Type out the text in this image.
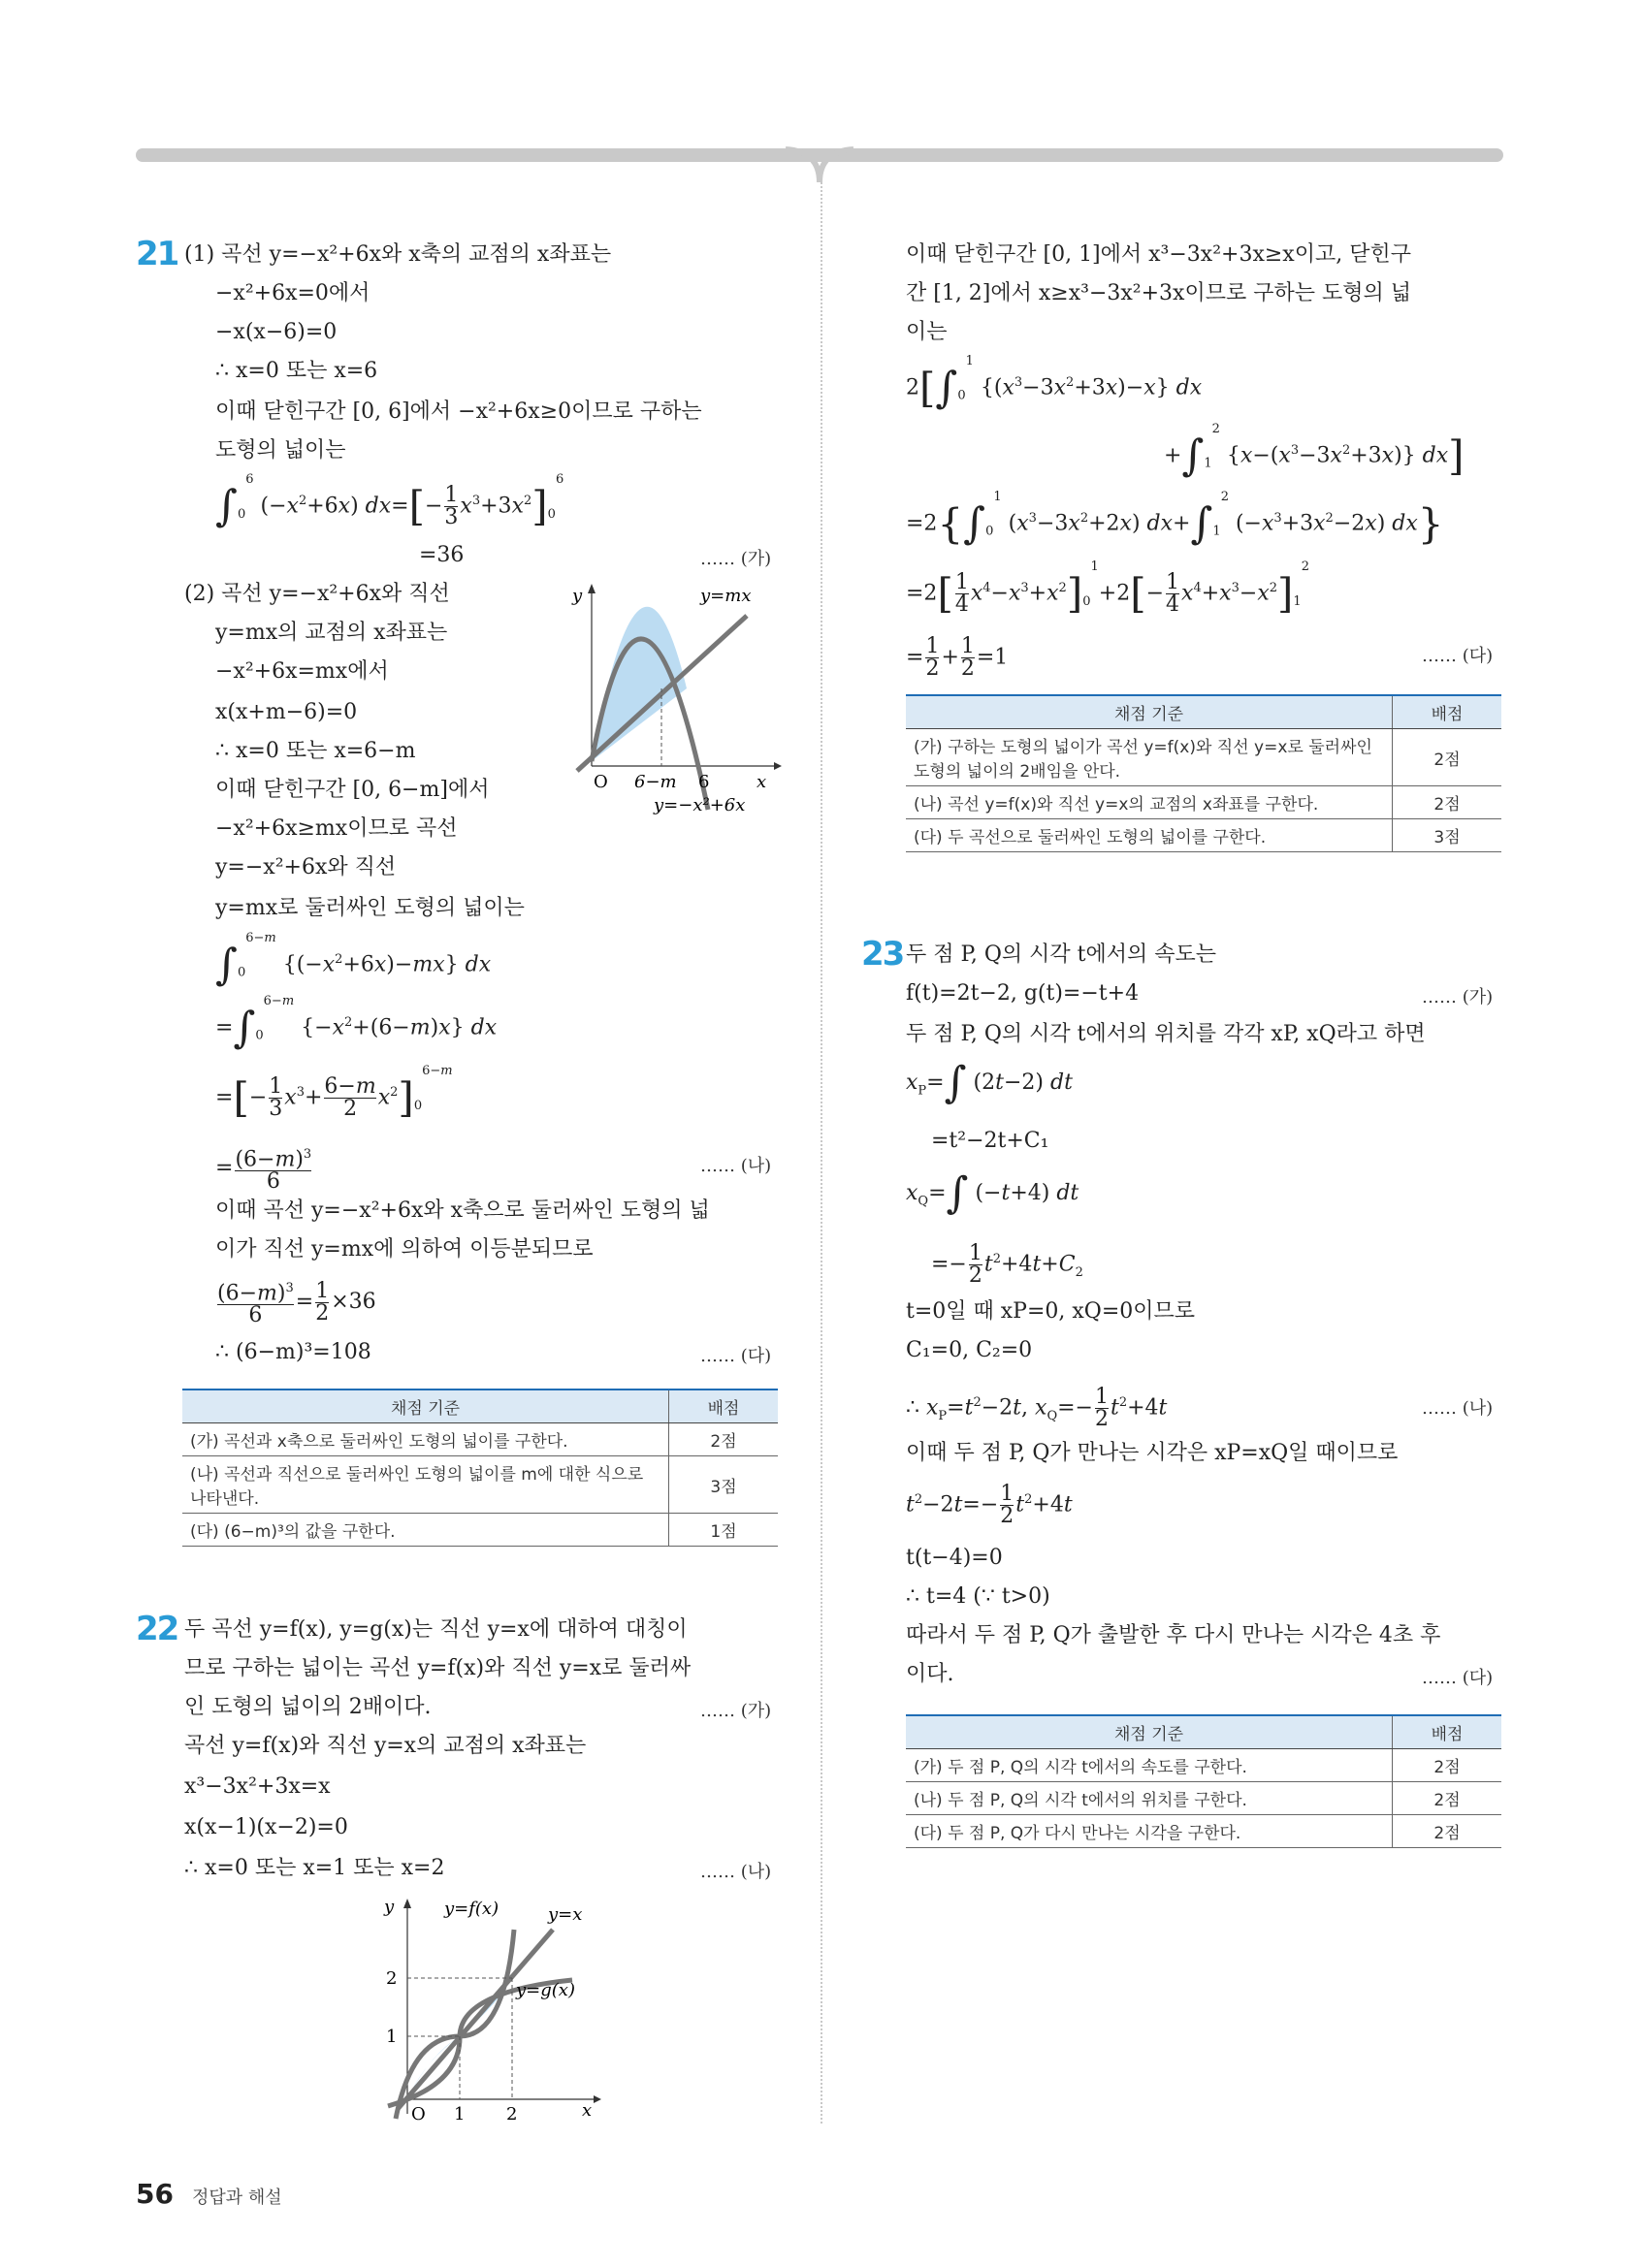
21 (1) 곡선 y=−x²+6x와 x축의 교점의 x좌표는
−x²+6x=0에서
−x(x−6)=0
∴ x=0 또는 x=6
이때 닫힌구간 [0, 6]에서 −x²+6x≥0이므로 구하는
도형의 넓이는
$\int_0^6$ $(-x^2+6x)$ $dx=[- \frac{1}{3} x^3+3x^2]_0^6$
=36	…… (가)
(2) 곡선 y=−x²+6x와 직선
y=mx의 교점의 x좌표는
−x²+6x=mx에서
x(x+m−6)=0
∴ x=0 또는 x=6−m
이때 닫힌구간 [0, 6−m]에서
−x²+6x≥mx이므로 곡선
y=−x²+6x와 직선
y=mx로 둘러싸인 도형의 넓이는
y
x
O 6−m 6
y=mx
y=−x²+6x
$\int_0^{6-m}$ $\{(-x^2+6x)-mx\}$ dx
$=\int_0^{6-m}$ $\{-x^2+(6-m)x\}$ dx
=[− $\frac{1}{3} x^3+ \frac{6-m}{2} x^2]_0^{6-m}$
= $\frac{(6-m)^3}{6}$	…… (나)
이때 곡선 y=−x²+6x와 x축으로 둘러싸인 도형의 넓
이가 직선 y=mx에 의하여 이등분되므로
$\frac{(6-m)^3}{6} = \frac{1}{2} \times 36$
∴ (6−m)³=108	…… (다)
채점 기준	배점
(가) 곡선과 x축으로 둘러싸인 도형의 넓이를 구한다.	2점
(나) 곡선과 직선으로 둘러싸인 도형의 넓이를 m에 대한 식으로 나타낸다.	3점
(다) (6−m)³의 값을 구한다.	1점
22 두 곡선 y=f(x), y=g(x)는 직선 y=x에 대하여 대칭이
므로 구하는 넓이는 곡선 y=f(x)와 직선 y=x로 둘러싸
인 도형의 넓이의 2배이다.	…… (가)
곡선 y=f(x)와 직선 y=x의 교점의 x좌표는
x³−3x²+3x=x
x(x−1)(x−2)=0
∴ x=0 또는 x=1 또는 x=2	…… (나)
y
x
O 1 2
1
2
y=f(x)	y=x
y=g(x)
이때 닫힌구간 [0, 1]에서 x³−3x²+3x≥x이고, 닫힌구
간 [1, 2]에서 x≥x³−3x²+3x이므로 구하는 도형의 넓
이는
$2[\int_0^1$ $\{(x^3-3x^2+3x)-x\}$ dx
$+\int_1^2$ $\{x-(x^3-3x^2+3x)\}$ dx]
$=2\{\int_0^1$ $(x^3-3x^2+2x)$ $dx+\int_1^2$ $(-x^3+3x^2-2x)$ dx}
$=2[ \frac{1}{4} x^4-x^3+x^2]_0^1+2[- \frac{1}{4} x^4+x^3-x^2]_1^2$
= $\frac{1}{2} + \frac{1}{2} =1$	…… (다)
채점 기준	배점
(가) 구하는 도형의 넓이가 곡선 y=f(x)와 직선 y=x로 둘러싸인 도형의 넓이의 2배임을 안다.	2점
(나) 곡선 y=f(x)와 직선 y=x의 교점의 x좌표를 구한다.	2점
(다) 두 곡선으로 둘러싸인 도형의 넓이를 구한다.	3점
23 두 점 P, Q의 시각 t에서의 속도는
f(t)=2t−2, g(t)=−t+4	…… (가)
두 점 P, Q의 시각 t에서의 위치를 각각 xP, xQ라고 하면
$x_P=\int$ (2t−2) dt
=t²−2t+C₁
$x_Q=\int$ (−t+4) dt
=− $\frac{1}{2} t^2+4t+C_2$
t=0일 때 xP=0, xQ=0이므로
C₁=0, C₂=0
∴ $x_P=t^2-2t$, $x_Q=- \frac{1}{2} t^2+4t$	…… (나)
이때 두 점 P, Q가 만나는 시각은 xP=xQ일 때이므로
$t^2-2t=- \frac{1}{2} t^2+4t$
t(t−4)=0
∴ t=4 (∵ t>0)
따라서 두 점 P, Q가 출발한 후 다시 만나는 시각은 4초 후
이다.	…… (다)
채점 기준	배점
(가) 두 점 P, Q의 시각 t에서의 속도를 구한다.	2점
(나) 두 점 P, Q의 시각 t에서의 위치를 구한다.	2점
(다) 두 점 P, Q가 다시 만나는 시각을 구한다.	2점
56 정답과 해설
